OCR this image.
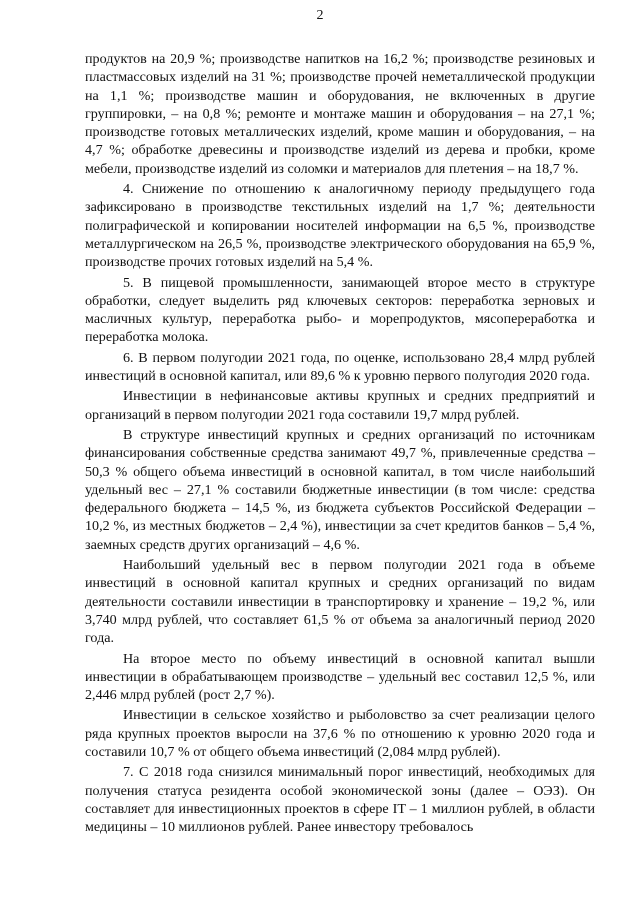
2

продуктов на 20,9 %; производстве напитков на 16,2 %; производстве резиновых и пластмассовых изделий на 31 %; производстве прочей неметаллической продукции на 1,1 %; производстве машин и оборудования, не включенных в другие группировки, – на 0,8 %; ремонте и монтаже машин и оборудования – на 27,1 %; производстве готовых металлических изделий, кроме машин и оборудования, – на 4,7 %; обработке древесины и производстве изделий из дерева и пробки, кроме мебели, производстве изделий из соломки и материалов для плетения – на 18,7 %.

4. Снижение по отношению к аналогичному периоду предыдущего года зафиксировано в производстве текстильных изделий на 1,7 %; деятельности полиграфической и копировании носителей информации на 6,5 %, производстве металлургическом на 26,5 %, производстве электрического оборудования на 65,9 %, производстве прочих готовых изделий на 5,4 %.

5. В пищевой промышленности, занимающей второе место в структуре обработки, следует выделить ряд ключевых секторов: переработка зерновых и масличных культур, переработка рыбо- и морепродуктов, мясопереработка и переработка молока.

6. В первом полугодии 2021 года, по оценке, использовано 28,4 млрд рублей инвестиций в основной капитал, или 89,6 % к уровню первого полугодия 2020 года.

Инвестиции в нефинансовые активы крупных и средних предприятий и организаций в первом полугодии 2021 года составили 19,7 млрд рублей.

В структуре инвестиций крупных и средних организаций по источникам финансирования собственные средства занимают 49,7 %, привлеченные средства – 50,3 % общего объема инвестиций в основной капитал, в том числе наибольший удельный вес – 27,1 % составили бюджетные инвестиции (в том числе: средства федерального бюджета – 14,5 %, из бюджета субъектов Российской Федерации – 10,2 %, из местных бюджетов – 2,4 %), инвестиции за счет кредитов банков – 5,4 %, заемных средств других организаций – 4,6 %.

Наибольший удельный вес в первом полугодии 2021 года в объеме инвестиций в основной капитал крупных и средних организаций по видам деятельности составили инвестиции в транспортировку и хранение – 19,2 %, или 3,740 млрд рублей, что составляет 61,5 % от объема за аналогичный период 2020 года.

На второе место по объему инвестиций в основной капитал вышли инвестиции в обрабатывающем производстве – удельный вес составил 12,5 %, или 2,446 млрд рублей (рост 2,7 %).

Инвестиции в сельское хозяйство и рыболовство за счет реализации целого ряда крупных проектов выросли на 37,6 % по отношению к уровню 2020 года и составили 10,7 % от общего объема инвестиций (2,084 млрд рублей).

7. С 2018 года снизился минимальный порог инвестиций, необходимых для получения статуса резидента особой экономической зоны (далее – ОЭЗ). Он составляет для инвестиционных проектов в сфере IT – 1 миллион рублей, в области медицины – 10 миллионов рублей. Ранее инвестору требовалось
